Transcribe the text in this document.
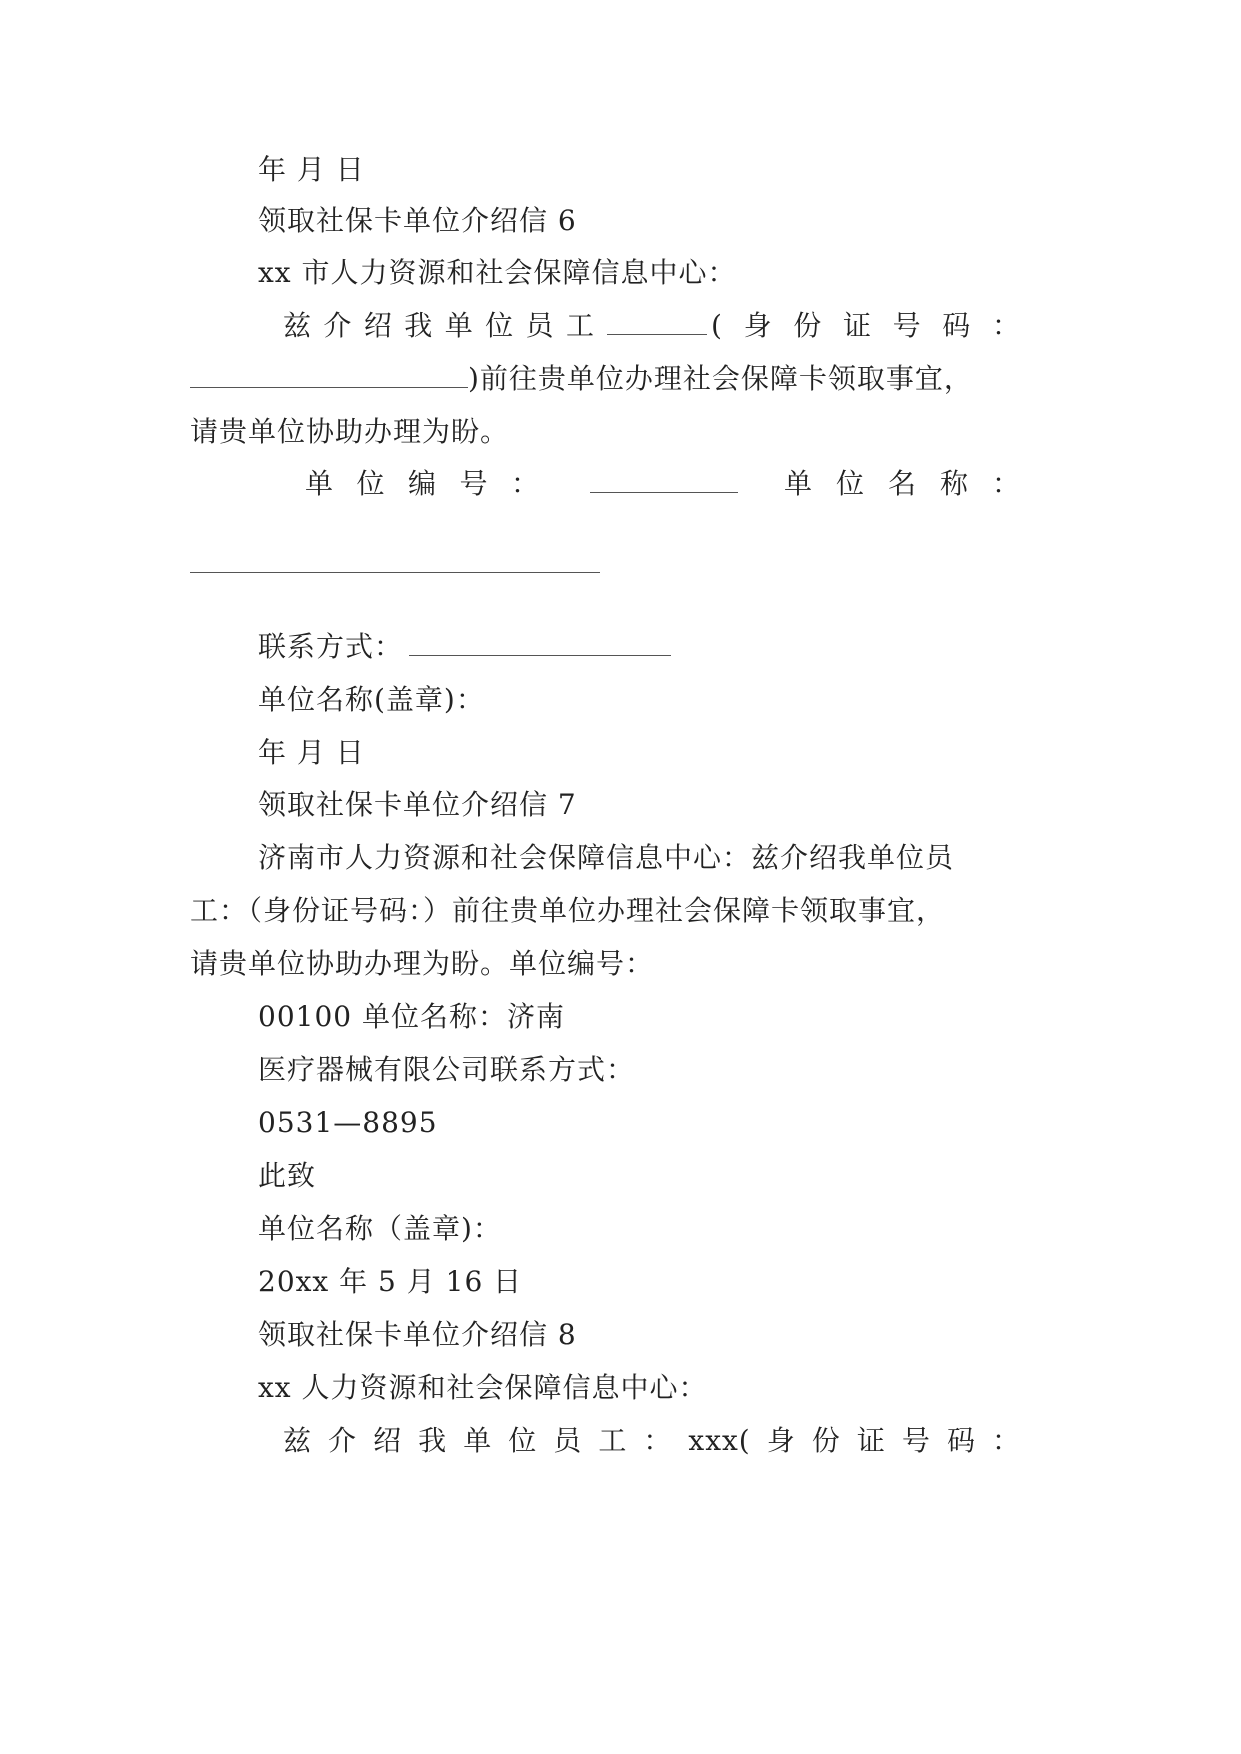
年 月 日
领取社保卡单位介绍信 6
xx 市人力资源和社会保障信息中心：
兹 介 绍 我 单 位 员 工	( 身 份 证 号 码 ：
)前往贵单位办理社会保障卡领取事宜，
请贵单位协助办理为盼。
单 位 编 号 ：	单 位 名 称 ：
联系方式：
单位名称(盖章)：
年 月 日
领取社保卡单位介绍信 7
济南市人力资源和社会保障信息中心：兹介绍我单位员
工：（身份证号码：）前往贵单位办理社会保障卡领取事宜，
请贵单位协助办理为盼。单位编号：
00100 单位名称：济南
医疗器械有限公司联系方式：
0531—8895
此致
单位名称（盖章)：
20xx 年 5 月 16 日
领取社保卡单位介绍信 8
xx 人力资源和社会保障信息中心：
兹 介 绍 我 单 位 员 工 ： xxx( 身 份 证 号 码 ：
